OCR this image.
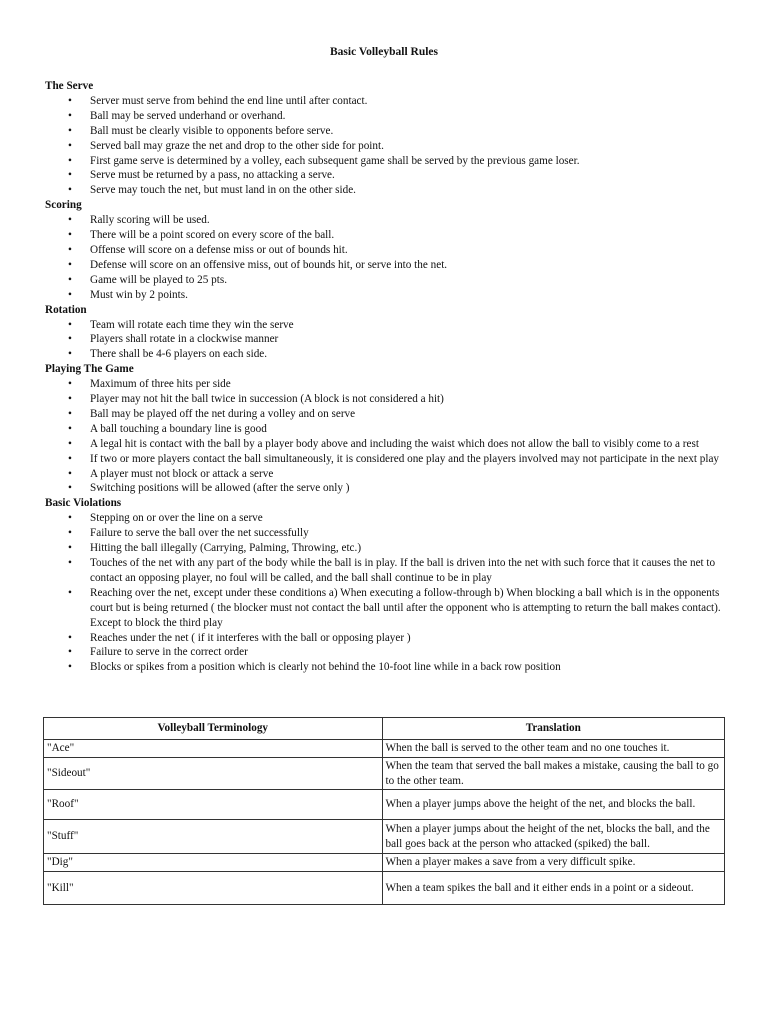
Basic Volleyball Rules
The Serve
• Server must serve from behind the end line until after contact.
• Ball may be served underhand or overhand.
• Ball must be clearly visible to opponents before serve.
• Served ball may graze the net and drop to the other side for point.
• First game serve is determined by a volley, each subsequent game shall be served by the previous game loser.
• Serve must be returned by a pass, no attacking a serve.
• Serve may touch the net, but must land in on the other side.
Scoring
• Rally scoring will be used.
• There will be a point scored on every score of the ball.
• Offense will score on a defense miss or out of bounds hit.
• Defense will score on an offensive miss, out of bounds hit, or serve into the net.
• Game will be played to 25 pts.
• Must win by 2 points.
Rotation
• Team will rotate each time they win the serve
• Players shall rotate in a clockwise manner
• There shall be 4-6 players on each side.
Playing The Game
• Maximum of three hits per side
• Player may not hit the ball twice in succession (A block is not considered a hit)
• Ball may be played off the net during a volley and on serve
• A ball touching a boundary line is good
• A legal hit is contact with the ball by a player body above and including the waist which does not allow the ball to visibly come to a rest
• If two or more players contact the ball simultaneously, it is considered one play and the players involved may not participate in the next play
• A player must not block or attack a serve
• Switching positions will be allowed (after the serve only )
Basic Violations
• Stepping on or over the line on a serve
• Failure to serve the ball over the net successfully
• Hitting the ball illegally (Carrying, Palming, Throwing, etc.)
• Touches of the net with any part of the body while the ball is in play. If the ball is driven into the net with such force that it causes the net to contact an opposing player, no foul will be called, and the ball shall continue to be in play
• Reaching over the net, except under these conditions a) When executing a follow-through b) When blocking a ball which is in the opponents court but is being returned ( the blocker must not contact the ball until after the opponent who is attempting to return the ball makes contact). Except to block the third play
• Reaches under the net ( if it interferes with the ball or opposing player )
• Failure to serve in the correct order
• Blocks or spikes from a position which is clearly not behind the 10-foot line while in a back row position
Volleyball Terminology	Translation
"Ace"	When the ball is served to the other team and no one touches it.
"Sideout"	When the team that served the ball makes a mistake, causing the ball to go to the other team.
"Roof"	When a player jumps above the height of the net, and blocks the ball.
"Stuff"	When a player jumps about the height of the net, blocks the ball, and the ball goes back at the person who attacked (spiked) the ball.
"Dig"	When a player makes a save from a very difficult spike.
"Kill"	When a team spikes the ball and it either ends in a point or a sideout.
